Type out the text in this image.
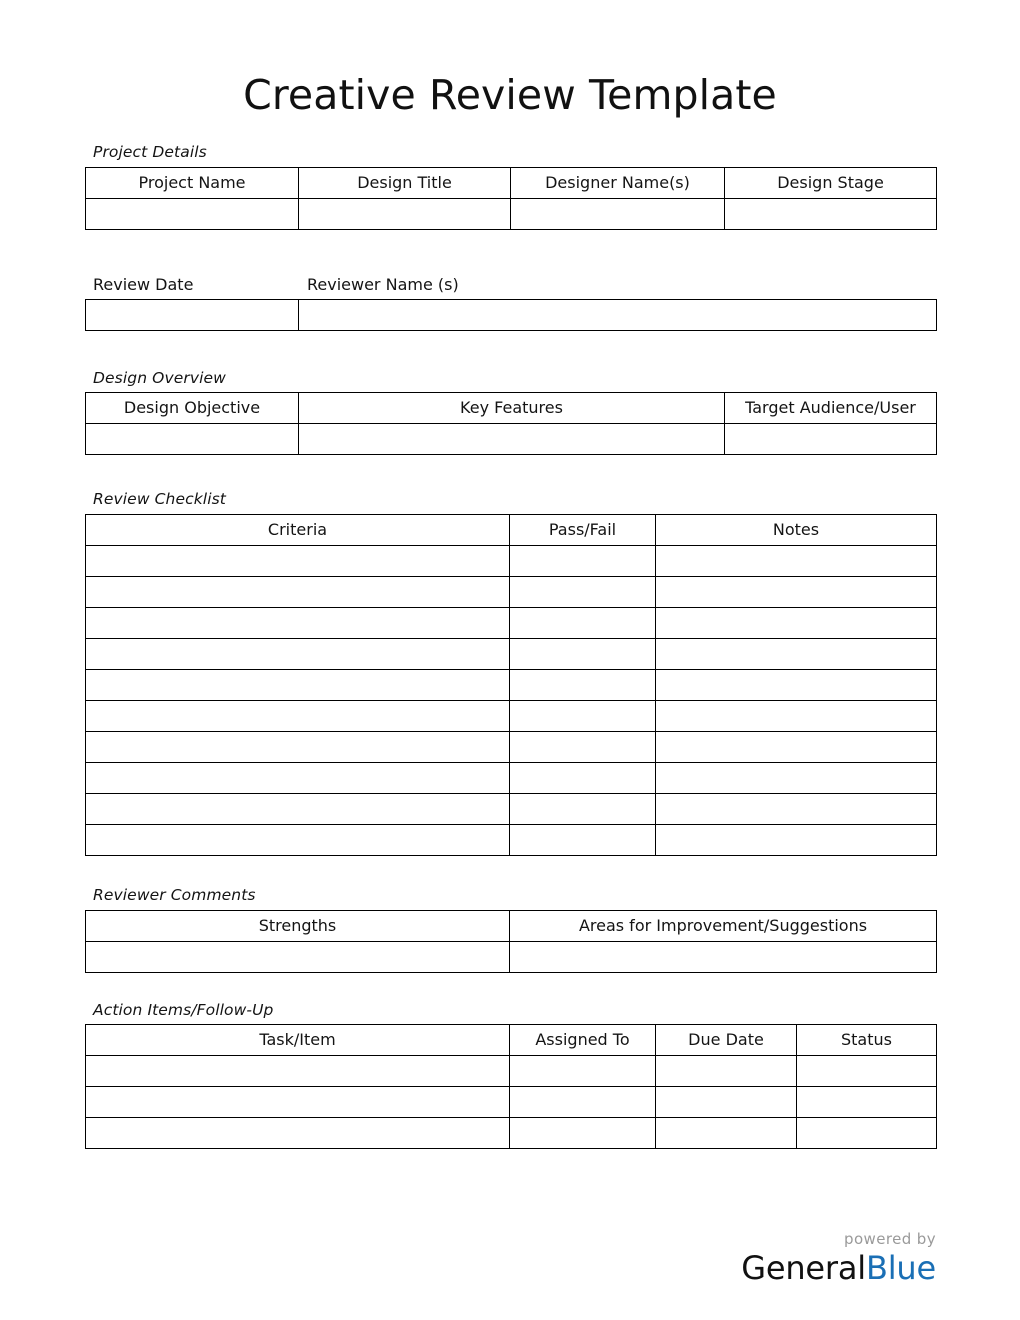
Creative Review Template
Project Details
Project Name	Design Title	Designer Name(s)	Design Stage

Review Date	Reviewer Name (s)

Design Overview
Design Objective	Key Features	Target Audience/User

Review Checklist
Criteria	Pass/Fail	Notes

Reviewer Comments
Strengths	Areas for Improvement/Suggestions

Action Items/Follow-Up
Task/Item	Assigned To	Due Date	Status

powered by
GeneralBlue
